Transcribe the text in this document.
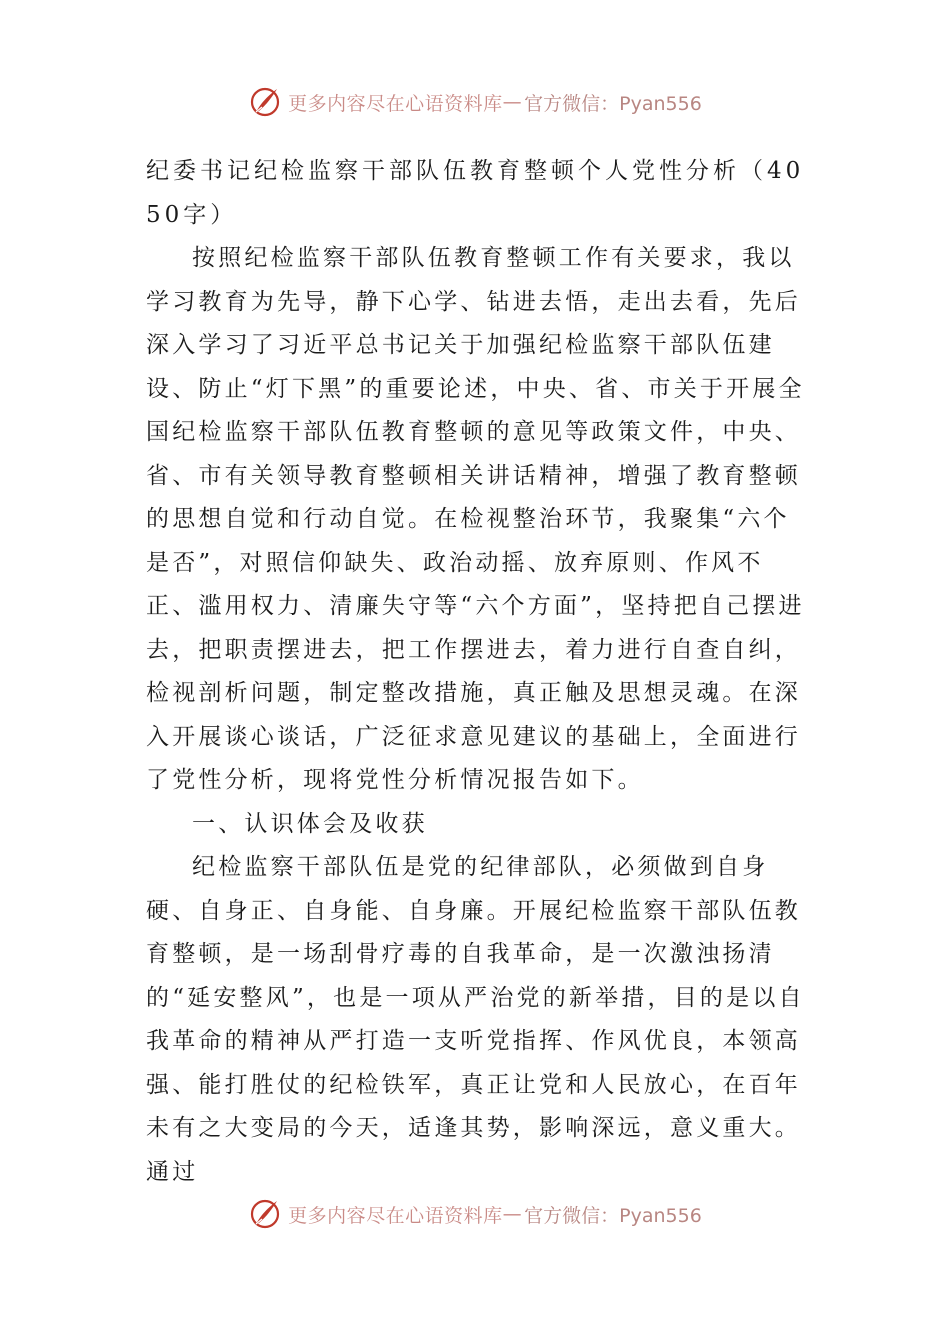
更多内容尽在心语资料库 — 官方微信：Pyan556
纪委书记纪检监察干部队伍教育整顿个人党性分析（4050字）

按照纪检监察干部队伍教育整顿工作有关要求，我以学习教育为先导，静下心学、钻进去悟，走出去看，先后深入学习了习近平总书记关于加强纪检监察干部队伍建设、防止“灯下黑”的重要论述，中央、省、市关于开展全国纪检监察干部队伍教育整顿的意见等政策文件，中央、省、市有关领导教育整顿相关讲话精神，增强了教育整顿的思想自觉和行动自觉。在检视整治环节，我聚集“六个是否”，对照信仰缺失、政治动摇、放弃原则、作风不正、滥用权力、清廉失守等“六个方面”，坚持把自己摆进去，把职责摆进去，把工作摆进去，着力进行自查自纠，检视剖析问题，制定整改措施，真正触及思想灵魂。在深入开展谈心谈话，广泛征求意见建议的基础上，全面进行了党性分析，现将党性分析情况报告如下。

一、认识体会及收获

纪检监察干部队伍是党的纪律部队，必须做到自身硬、自身正、自身能、自身廉。开展纪检监察干部队伍教育整顿，是一场刮骨疗毒的自我革命，是一次激浊扬清的“延安整风”，也是一项从严治党的新举措，目的是以自我革命的精神从严打造一支听党指挥、作风优良，本领高强、能打胜仗的纪检铁军，真正让党和人民放心，在百年未有之大变局的今天，适逢其势，影响深远，意义重大。通过

更多内容尽在心语资料库 — 官方微信：Pyan556
